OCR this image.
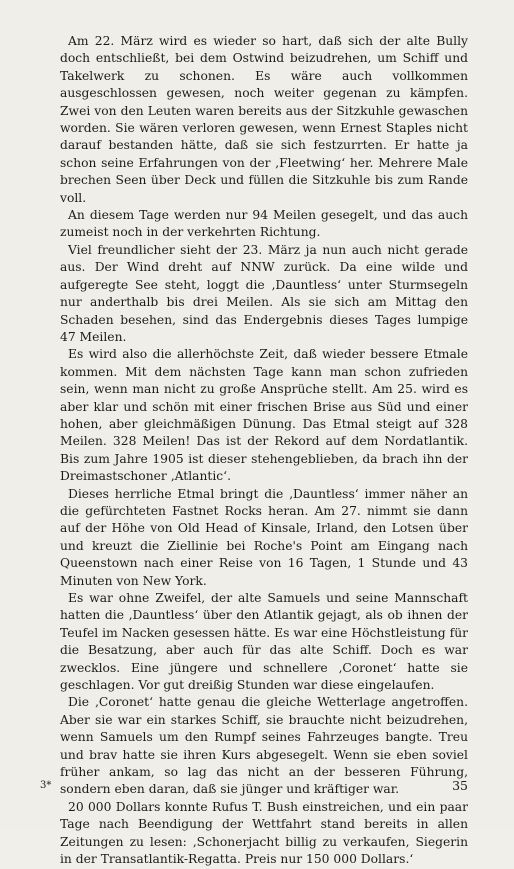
Am 22. März wird es wieder so hart, daß sich der alte Bully doch entschließt, bei dem Ostwind beizudrehen, um Schiff und Takelwerk zu schonen. Es wäre auch vollkommen ausgeschlossen gewesen, noch weiter gegenan zu kämpfen. Zwei von den Leuten waren bereits aus der Sitzkuhle gewaschen worden. Sie wären verloren gewesen, wenn Ernest Staples nicht darauf bestanden hätte, daß sie sich festzurrten. Er hatte ja schon seine Erfahrungen von der ‚Fleetwing‘ her. Mehrere Male brechen Seen über Deck und füllen die Sitzkuhle bis zum Rande voll.

An diesem Tage werden nur 94 Meilen gesegelt, und das auch zumeist noch in der verkehrten Richtung.

Viel freundlicher sieht der 23. März ja nun auch nicht gerade aus. Der Wind dreht auf NNW zurück. Da eine wilde und aufgeregte See steht, loggt die ‚Dauntless‘ unter Sturmsegeln nur anderthalb bis drei Meilen. Als sie sich am Mittag den Schaden besehen, sind das Endergebnis dieses Tages lumpige 47 Meilen.

Es wird also die allerhöchste Zeit, daß wieder bessere Etmale kommen. Mit dem nächsten Tage kann man schon zufrieden sein, wenn man nicht zu große Ansprüche stellt. Am 25. wird es aber klar und schön mit einer frischen Brise aus Süd und einer hohen, aber gleichmäßigen Dünung. Das Etmal steigt auf 328 Meilen. 328 Meilen! Das ist der Rekord auf dem Nordatlantik. Bis zum Jahre 1905 ist dieser stehengeblieben, da brach ihn der Dreimastschoner ‚Atlantic‘.

Dieses herrliche Etmal bringt die ‚Dauntless‘ immer näher an die gefürchteten Fastnet Rocks heran. Am 27. nimmt sie dann auf der Höhe von Old Head of Kinsale, Irland, den Lotsen über und kreuzt die Ziellinie bei Roche's Point am Eingang nach Queenstown nach einer Reise von 16 Tagen, 1 Stunde und 43 Minuten von New York.

Es war ohne Zweifel, der alte Samuels und seine Mannschaft hatten die ‚Dauntless‘ über den Atlantik gejagt, als ob ihnen der Teufel im Nacken gesessen hätte. Es war eine Höchstleistung für die Besatzung, aber auch für das alte Schiff. Doch es war zwecklos. Eine jüngere und schnellere ‚Coronet‘ hatte sie geschlagen. Vor gut dreißig Stunden war diese eingelaufen.

Die ‚Coronet‘ hatte genau die gleiche Wetterlage angetroffen. Aber sie war ein starkes Schiff, sie brauchte nicht beizudrehen, wenn Samuels um den Rumpf seines Fahrzeuges bangte. Treu und brav hatte sie ihren Kurs abgesegelt. Wenn sie eben soviel früher ankam, so lag das nicht an der besseren Führung, sondern eben daran, daß sie jünger und kräftiger war.

20 000 Dollars konnte Rufus T. Bush einstreichen, und ein paar Tage nach Beendigung der Wettfahrt stand bereits in allen Zeitungen zu lesen: ‚Schonerjacht billig zu verkaufen, Siegerin in der Transatlantik-Regatta. Preis nur 150 000 Dollars.‘

3*	35
